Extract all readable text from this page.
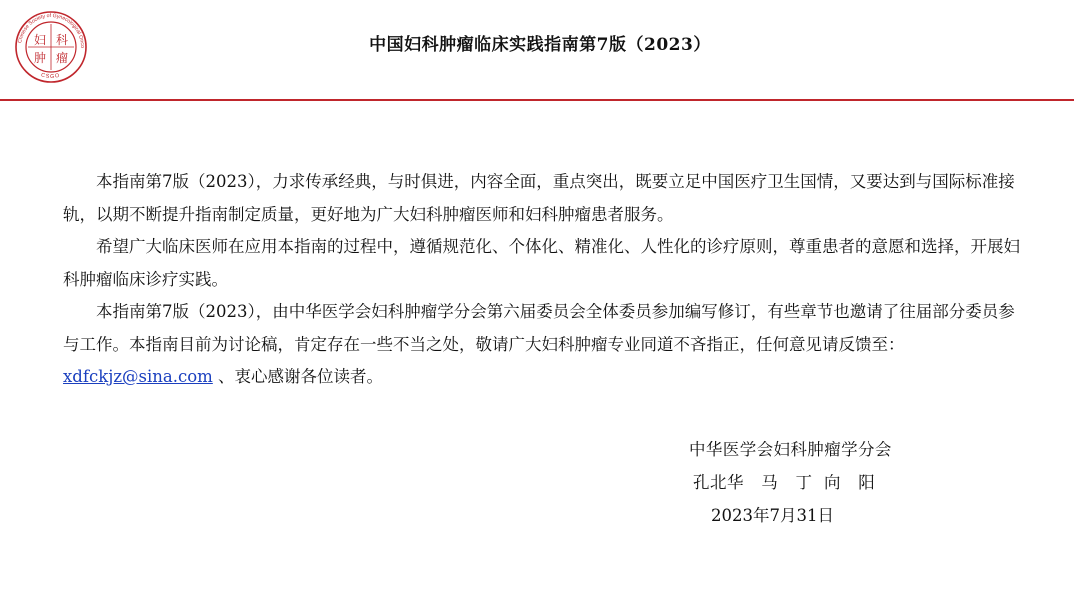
Chinese Society of Gynecological Onco
CSGO
妇 科
肿 瘤
中国妇科肿瘤临床实践指南第7版（2023）

本指南第7版（2023），力求传承经典，与时俱进，内容全面，重点突出，既要立足中国医疗卫生国情，又要达到与国际标准接轨，以期不断提升指南制定质量，更好地为广大妇科肿瘤医师和妇科肿瘤患者服务。

希望广大临床医师在应用本指南的过程中，遵循规范化、个体化、精准化、人性化的诊疗原则，尊重患者的意愿和选择，开展妇科肿瘤临床诊疗实践。

本指南第7版（2023），由中华医学会妇科肿瘤学分会第六届委员会全体委员参加编写修订，有些章节也邀请了往届部分委员参与工作。本指南目前为讨论稿，肯定存在一些不当之处，敬请广大妇科肿瘤专业同道不吝指正，任何意见请反馈至：xdfckjz@sina.com 、衷心感谢各位读者。

中华医学会妇科肿瘤学分会
孔北华   马   丁  向   阳
2023年7月31日
